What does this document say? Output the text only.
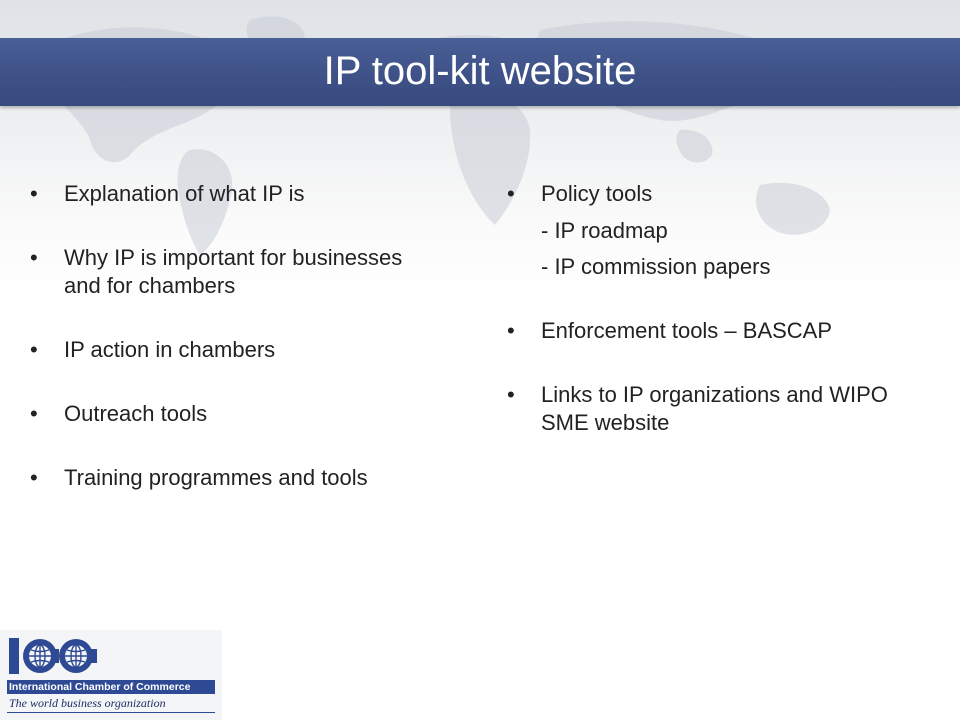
IP tool-kit website
• Explanation of what IP is
• Why IP is important for businesses and for chambers
• IP action in chambers
• Outreach tools
• Training programmes and tools
• Policy tools
- IP roadmap
- IP commission papers
• Enforcement tools – BASCAP
• Links to IP organizations and WIPO SME website
International Chamber of Commerce
The world business organization
